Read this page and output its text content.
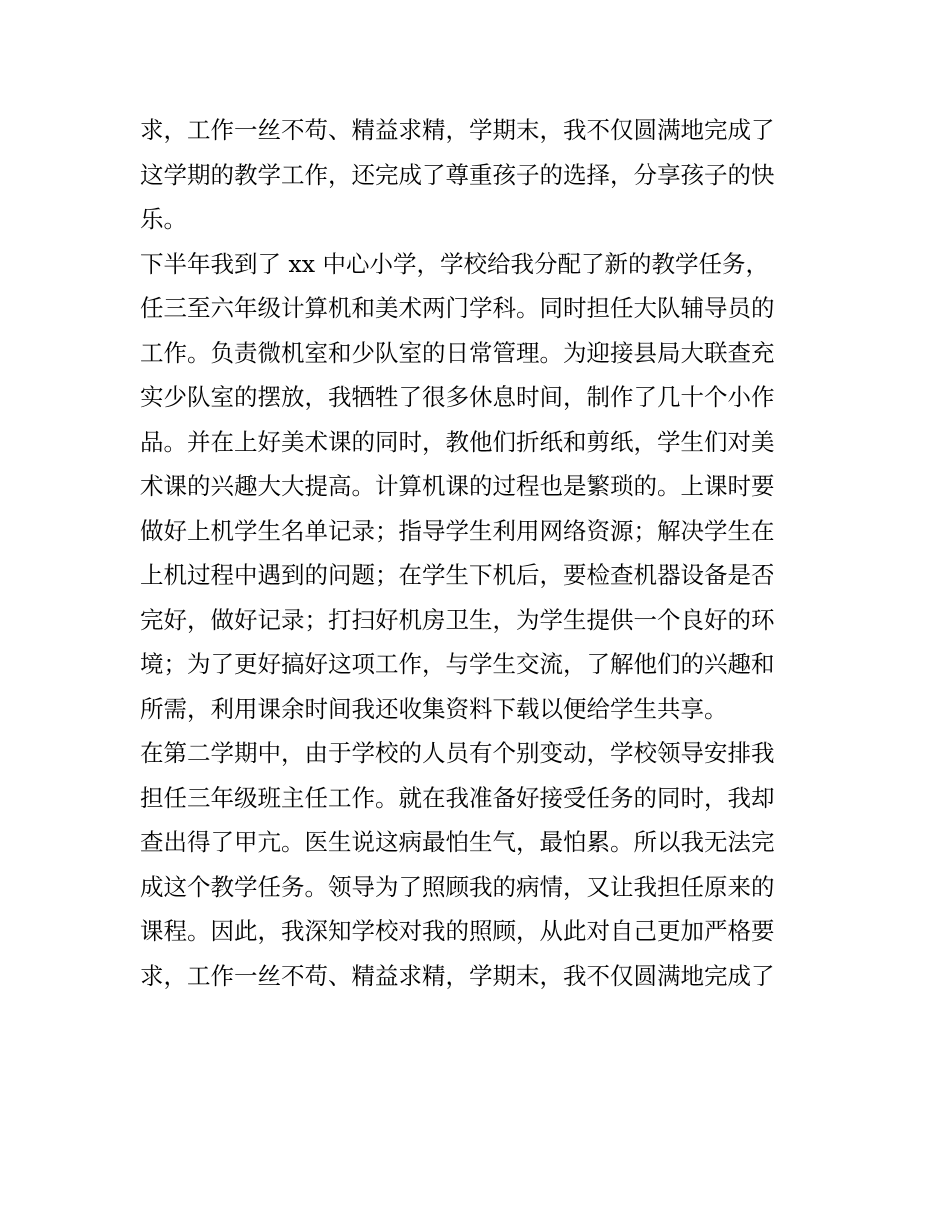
求，工作一丝不苟、精益求精，学期末，我不仅圆满地完成了
这学期的教学工作，还完成了尊重孩子的选择，分享孩子的快
乐。
下半年我到了 xx 中心小学，学校给我分配了新的教学任务，
任三至六年级计算机和美术两门学科。同时担任大队辅导员的
工作。负责微机室和少队室的日常管理。为迎接县局大联查充
实少队室的摆放，我牺牲了很多休息时间，制作了几十个小作
品。并在上好美术课的同时，教他们折纸和剪纸，学生们对美
术课的兴趣大大提高。计算机课的过程也是繁琐的。上课时要
做好上机学生名单记录；指导学生利用网络资源；解决学生在
上机过程中遇到的问题；在学生下机后，要检查机器设备是否
完好，做好记录；打扫好机房卫生，为学生提供一个良好的环
境；为了更好搞好这项工作，与学生交流，了解他们的兴趣和
所需，利用课余时间我还收集资料下载以便给学生共享。
在第二学期中，由于学校的人员有个别变动，学校领导安排我
担任三年级班主任工作。就在我准备好接受任务的同时，我却
查出得了甲亢。医生说这病最怕生气，最怕累。所以我无法完
成这个教学任务。领导为了照顾我的病情，又让我担任原来的
课程。因此，我深知学校对我的照顾，从此对自己更加严格要
求，工作一丝不苟、精益求精，学期末，我不仅圆满地完成了
